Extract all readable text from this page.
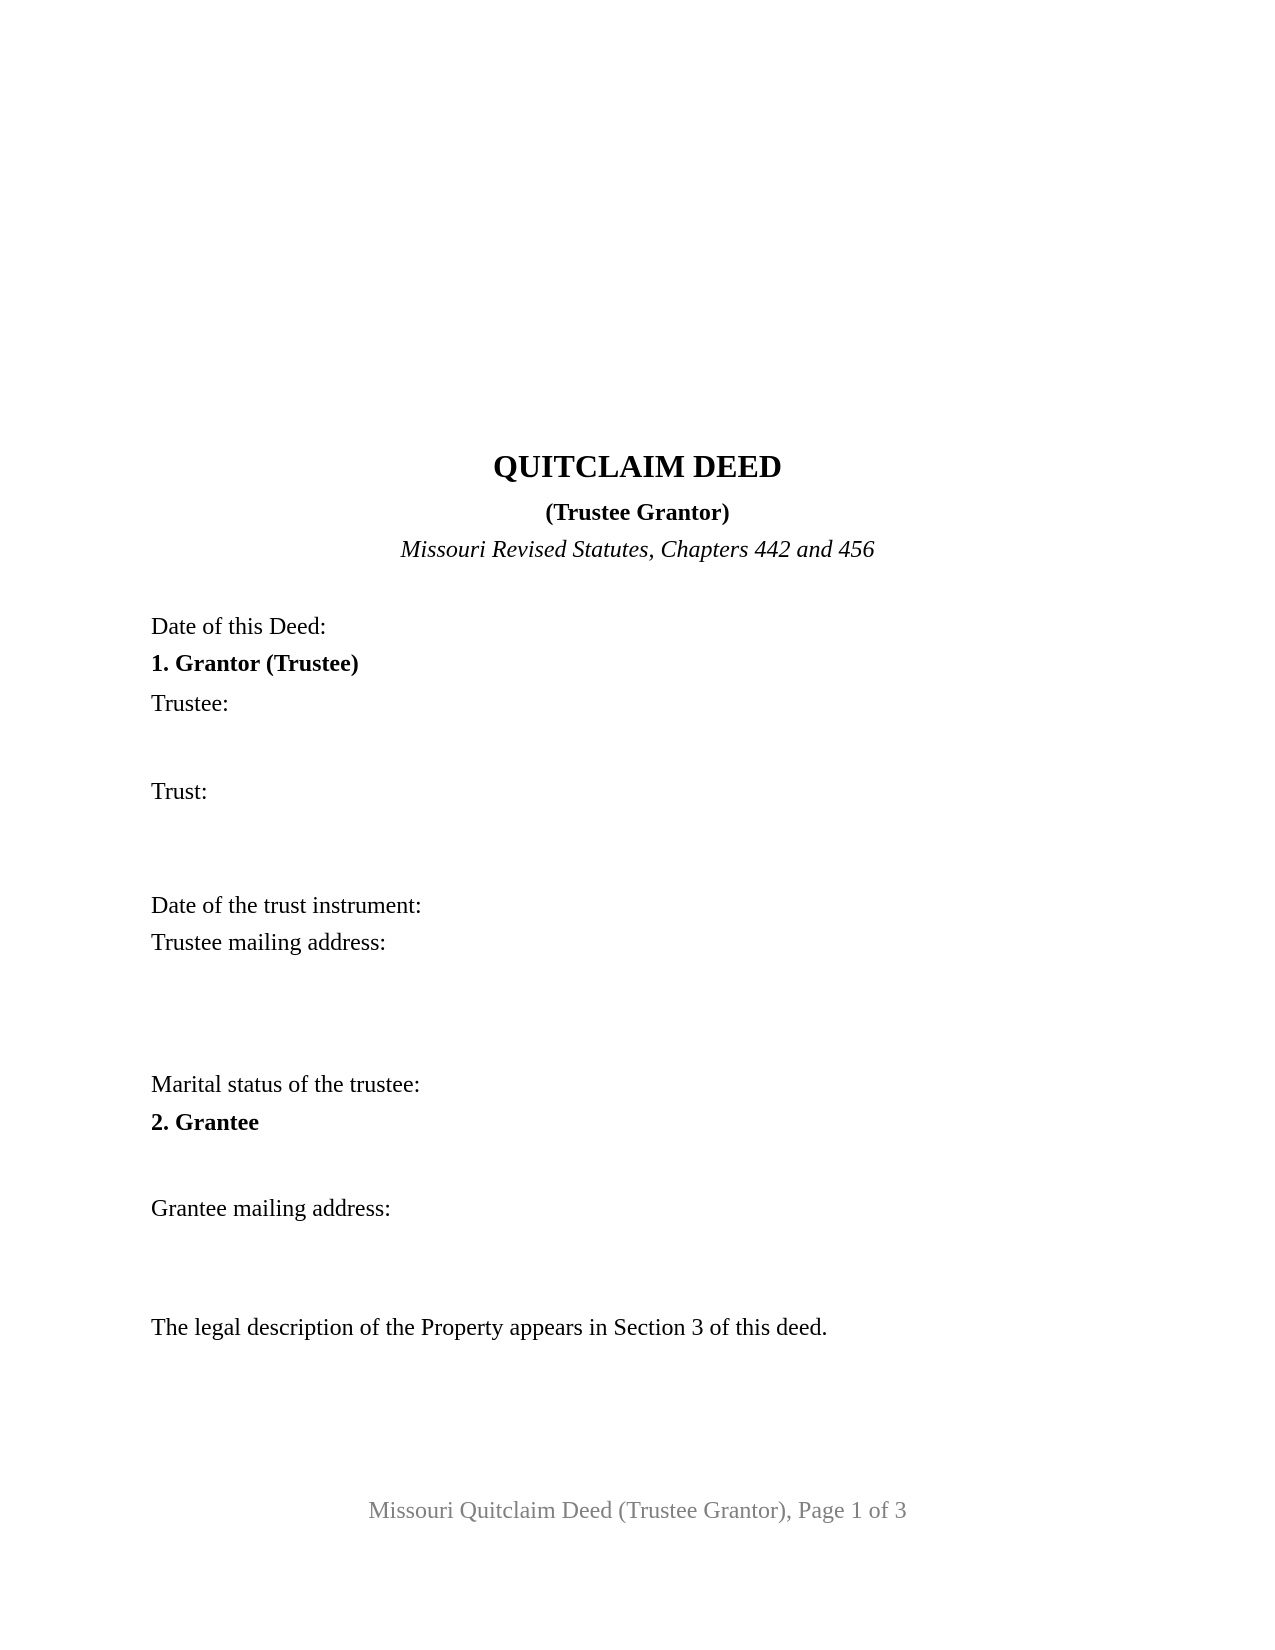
QUITCLAIM DEED
(Trustee Grantor)
Missouri Revised Statutes, Chapters 442 and 456
Date of this Deed:
1. Grantor (Trustee)
Trustee:
Trust:
Date of the trust instrument:
Trustee mailing address:
Marital status of the trustee:
2. Grantee
Grantee mailing address:
The legal description of the Property appears in Section 3 of this deed.
Missouri Quitclaim Deed (Trustee Grantor), Page 1 of 3
